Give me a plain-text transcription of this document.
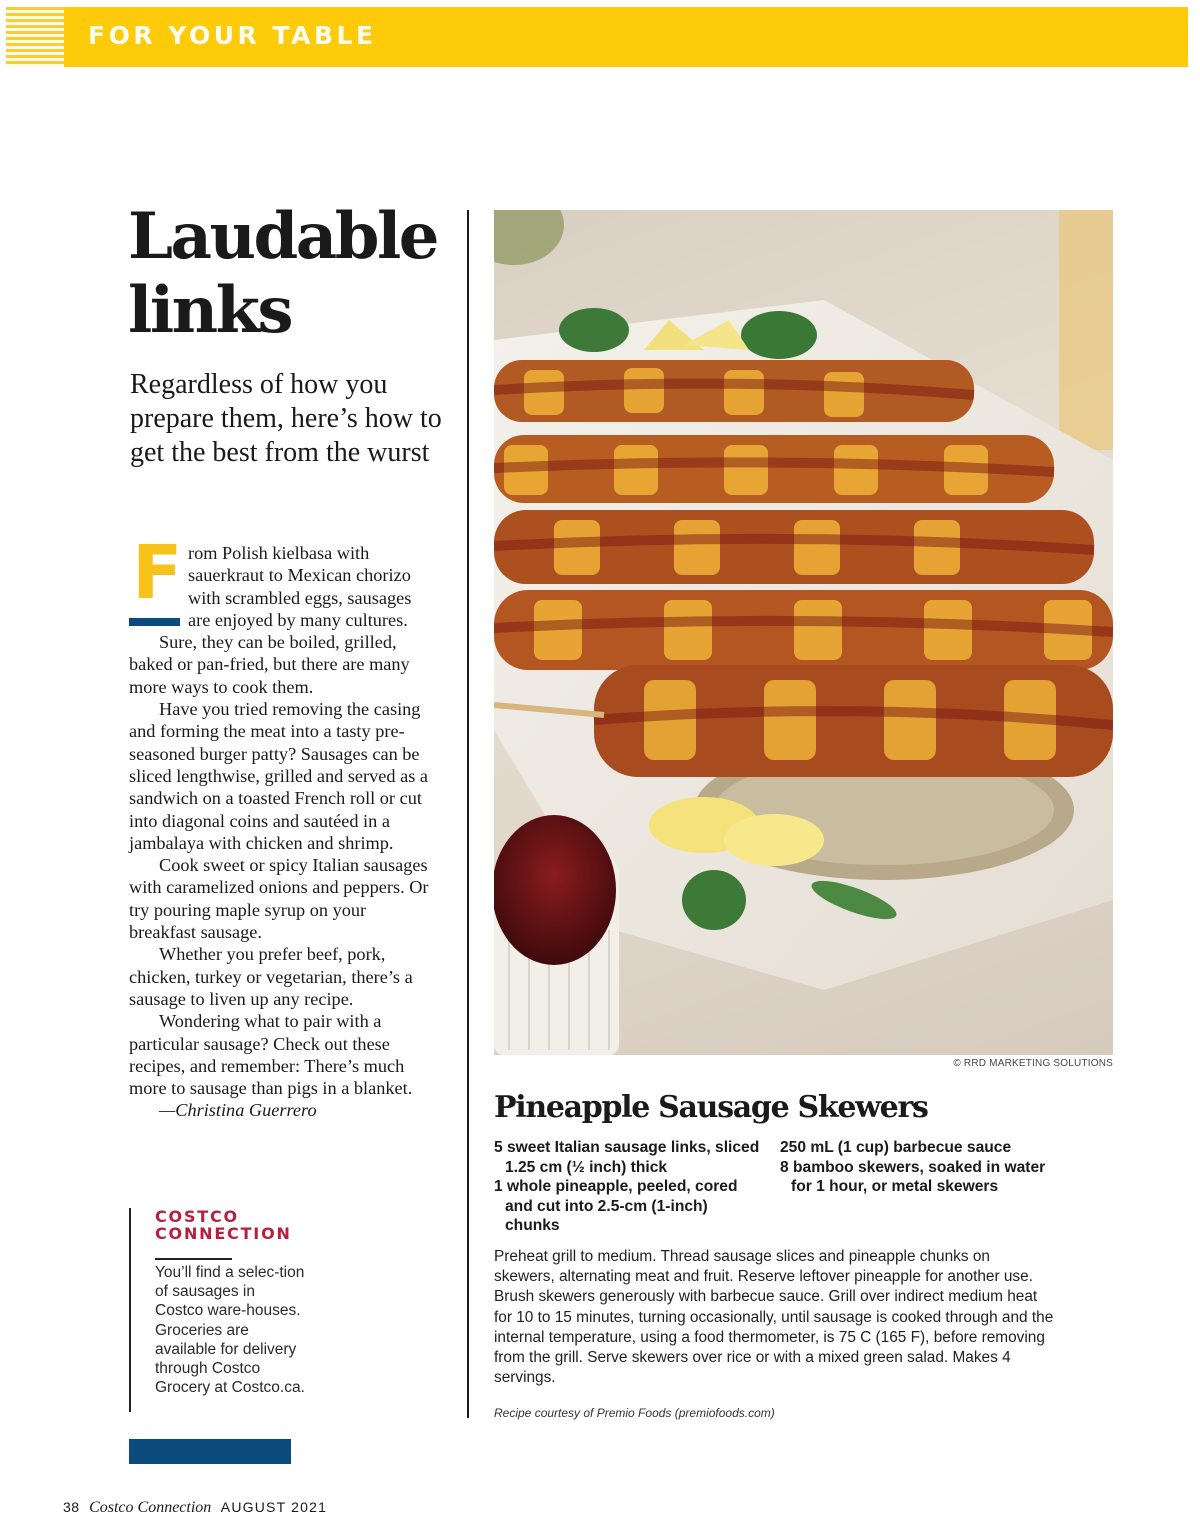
FOR YOUR TABLE
Laudable
links

Regardless of how you prepare them, here’s how to get the best from the wurst

F rom Polish kielbasa with sauerkraut to Mexican chorizo with scrambled eggs, sausages are enjoyed by many cultures.

Sure, they can be boiled, grilled, baked or pan-fried, but there are many more ways to cook them.

Have you tried removing the casing and forming the meat into a tasty pre-seasoned burger patty? Sausages can be sliced lengthwise, grilled and served as a sandwich on a toasted French roll or cut into diagonal coins and sautéed in a jambalaya with chicken and shrimp.

Cook sweet or spicy Italian sausages with caramelized onions and peppers. Or try pouring maple syrup on your breakfast sausage.

Whether you prefer beef, pork, chicken, turkey or vegetarian, there’s a sausage to liven up any recipe.

Wondering what to pair with a particular sausage? Check out these recipes, and remember: There’s much more to sausage than pigs in a blanket.

—Christina Guerrero

COSTCO
CONNECTION
You’ll find a selec-tion of sausages in Costco ware-houses. Groceries are available for delivery through Costco Grocery at Costco.ca.
© RRD MARKETING SOLUTIONS
Pineapple Sausage Skewers

5 sweet Italian sausage links, sliced 1.25 cm (½ inch) thick

1 whole pineapple, peeled, cored and cut into 2.5-cm (1-inch) chunks

250 mL (1 cup) barbecue sauce

8 bamboo skewers, soaked in water for 1 hour, or metal skewers

Preheat grill to medium. Thread sausage slices and pineapple chunks on skewers, alternating meat and fruit. Reserve leftover pineapple for another use. Brush skewers generously with barbecue sauce. Grill over indirect medium heat for 10 to 15 minutes, turning occasionally, until sausage is cooked through and the internal temperature, using a food thermometer, is 75 C (165 F), before removing from the grill. Serve skewers over rice or with a mixed green salad. Makes 4 servings.

Recipe courtesy of Premio Foods (premiofoods.com)
38 Costco Connection AUGUST 2021
